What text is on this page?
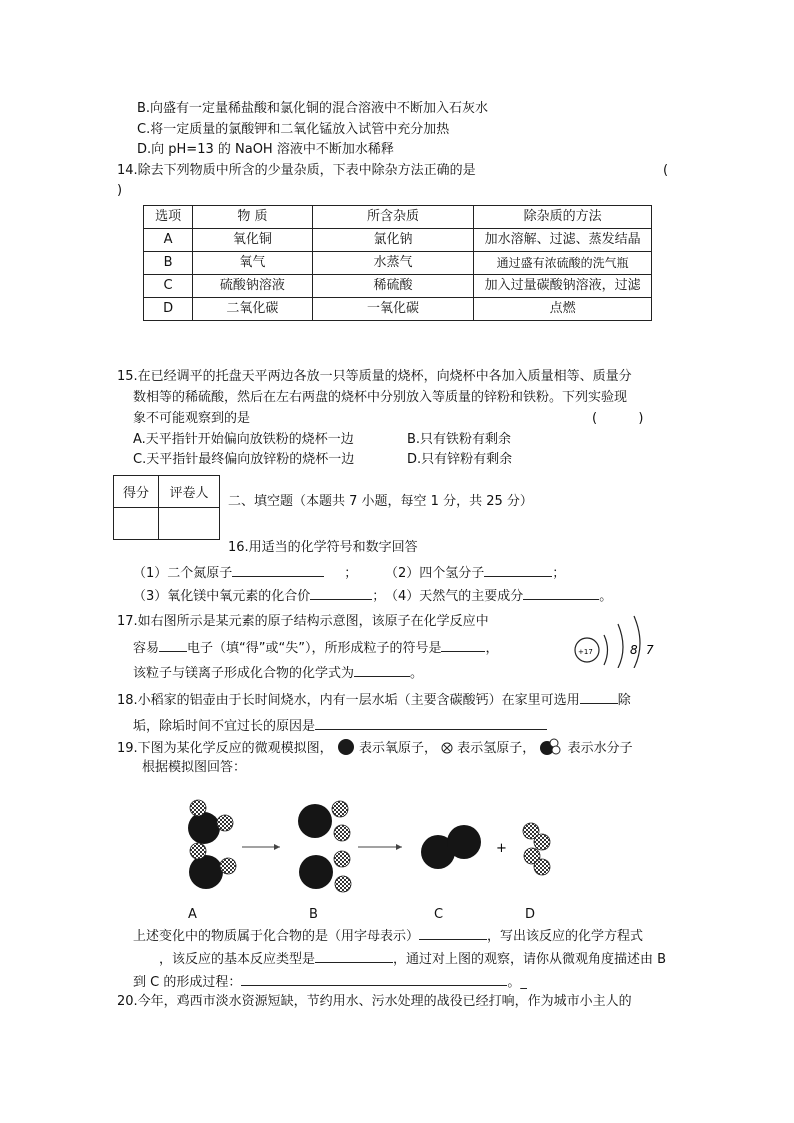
B.向盛有一定量稀盐酸和氯化铜的混合溶液中不断加入石灰水
C.将一定质量的氯酸钾和二氧化锰放入试管中充分加热
D.向 pH=13 的 NaOH 溶液中不断加水稀释
14.除去下列物质中所含的少量杂质，下表中除杂方法正确的是	(
)
选项	物 质	所含杂质	除杂质的方法
A	氧化铜	氯化钠	加水溶解、过滤、蒸发结晶
B	氧气	水蒸气	通过盛有浓硫酸的洗气瓶
C	硫酸钠溶液	稀硫酸	加入过量碳酸钠溶液，过滤
D	二氧化碳	一氧化碳	点燃
15.在已经调平的托盘天平两边各放一只等质量的烧杯，向烧杯中各加入质量相等、质量分
数相等的稀硫酸，然后在左右两盘的烧杯中分别放入等质量的锌粉和铁粉。下列实验现
象不可能观察到的是	(          )
A.天平指针开始偏向放铁粉的烧杯一边	B.只有铁粉有剩余
C.天平指针最终偏向放锌粉的烧杯一边	D.只有锌粉有剩余
得分	评卷人

二、填空题（本题共 7 小题，每空 1 分，共 25 分）
16.用适当的化学符号和数字回答
（1）二个氮原子	； （2）四个氢分子	；
（3）氧化镁中氧元素的化合价	； （4）天然气的主要成分	。
17.如右图所示是某元素的原子结构示意图，该原子在化学反应中
容易 电子（填“得”或“失”），所形成粒子的符号是	，
该粒子与镁离子形成化合物的化学式为	。
+17	8 7
18.小稻家的铝壶由于长时间烧水，内有一层水垢（主要含碳酸钙）在家里可选用	除
垢，除垢时间不宜过长的原因是
19.下图为某化学反应的微观模拟图， 表示氧原子， 表示氢原子， 表示水分子
根据模拟图回答：
+
A	B	C	D
上述变化中的物质属于化合物的是（用字母表示）	，写出该反应的化学方程式
，该反应的基本反应类型是	，通过对上图的观察，请你从微观角度描述由 B
到 C 的形成过程：	。_
20.今年，鸡西市淡水资源短缺，节约用水、污水处理的战役已经打响，作为城市小主人的
